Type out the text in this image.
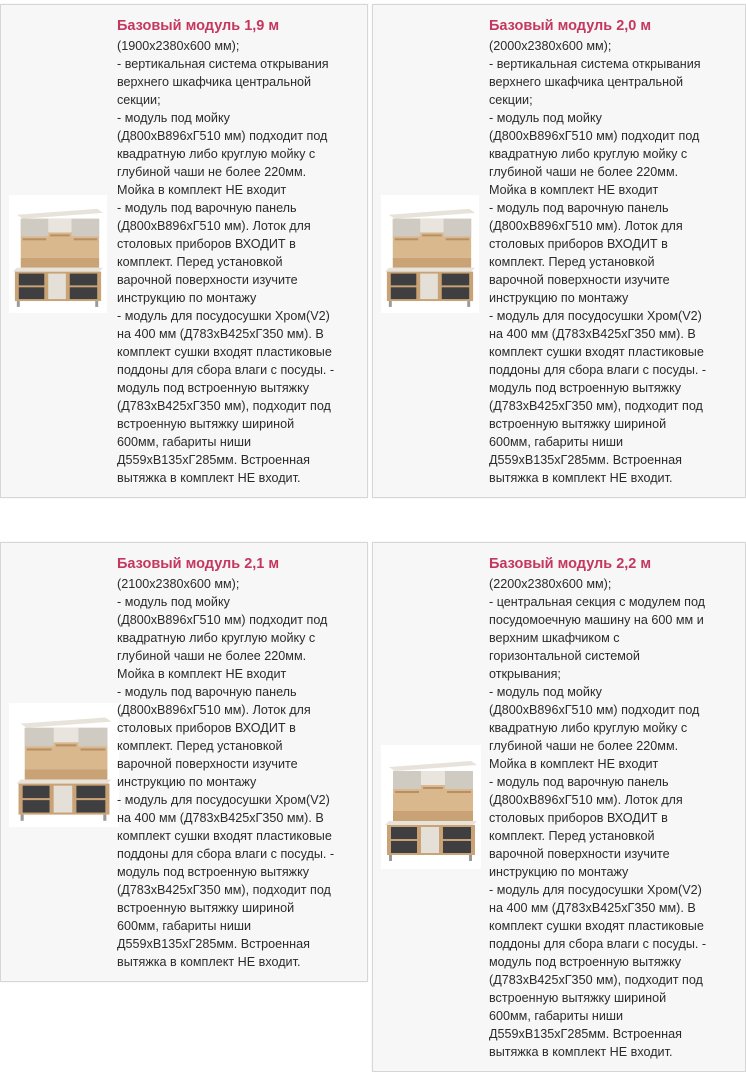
Базовый модуль 1,9 м
(1900х2380х600 мм);
- вертикальная система открывания
верхнего шкафчика центральной
секции;
- модуль под мойку
(Д800хВ896хГ510 мм) подходит под
квадратную либо круглую мойку с
глубиной чаши не более 220мм.
Мойка в комплект НЕ входит
- модуль под варочную панель
(Д800хВ896хГ510 мм). Лоток для
столовых приборов ВХОДИТ в
комплект. Перед установкой
варочной поверхности изучите
инструкцию по монтажу
- модуль для посудосушки Хром(V2)
на 400 мм (Д783хВ425хГ350 мм). В
комплект сушки входят пластиковые
поддоны для сбора влаги с посуды. -
модуль под встроенную вытяжку
(Д783хВ425хГ350 мм), подходит под
встроенную вытяжку шириной
600мм, габариты ниши
Д559хВ135хГ285мм. Встроенная
вытяжка в комплект НЕ входит.
Базовый модуль 2,0 м
(2000х2380х600 мм);
- вертикальная система открывания
верхнего шкафчика центральной
секции;
- модуль под мойку
(Д800хВ896хГ510 мм) подходит под
квадратную либо круглую мойку с
глубиной чаши не более 220мм.
Мойка в комплект НЕ входит
- модуль под варочную панель
(Д800хВ896хГ510 мм). Лоток для
столовых приборов ВХОДИТ в
комплект. Перед установкой
варочной поверхности изучите
инструкцию по монтажу
- модуль для посудосушки Хром(V2)
на 400 мм (Д783хВ425хГ350 мм). В
комплект сушки входят пластиковые
поддоны для сбора влаги с посуды. -
модуль под встроенную вытяжку
(Д783хВ425хГ350 мм), подходит под
встроенную вытяжку шириной
600мм, габариты ниши
Д559хВ135хГ285мм. Встроенная
вытяжка в комплект НЕ входит.
Базовый модуль 2,1 м
(2100х2380х600 мм);
- модуль под мойку
(Д800хВ896хГ510 мм) подходит под
квадратную либо круглую мойку с
глубиной чаши не более 220мм.
Мойка в комплект НЕ входит
- модуль под варочную панель
(Д800хВ896хГ510 мм). Лоток для
столовых приборов ВХОДИТ в
комплект. Перед установкой
варочной поверхности изучите
инструкцию по монтажу
- модуль для посудосушки Хром(V2)
на 400 мм (Д783хВ425хГ350 мм). В
комплект сушки входят пластиковые
поддоны для сбора влаги с посуды. -
модуль под встроенную вытяжку
(Д783хВ425хГ350 мм), подходит под
встроенную вытяжку шириной
600мм, габариты ниши
Д559хВ135хГ285мм. Встроенная
вытяжка в комплект НЕ входит.
Базовый модуль 2,2 м
(2200х2380х600 мм);
- центральная секция с модулем под
посудомоечную машину на 600 мм и
верхним шкафчиком с
горизонтальной системой
открывания;
- модуль под мойку
(Д800хВ896хГ510 мм) подходит под
квадратную либо круглую мойку с
глубиной чаши не более 220мм.
Мойка в комплект НЕ входит
- модуль под варочную панель
(Д800хВ896хГ510 мм). Лоток для
столовых приборов ВХОДИТ в
комплект. Перед установкой
варочной поверхности изучите
инструкцию по монтажу
- модуль для посудосушки Хром(V2)
на 400 мм (Д783хВ425хГ350 мм). В
комплект сушки входят пластиковые
поддоны для сбора влаги с посуды. -
модуль под встроенную вытяжку
(Д783хВ425хГ350 мм), подходит под
встроенную вытяжку шириной
600мм, габариты ниши
Д559хВ135хГ285мм. Встроенная
вытяжка в комплект НЕ входит.
